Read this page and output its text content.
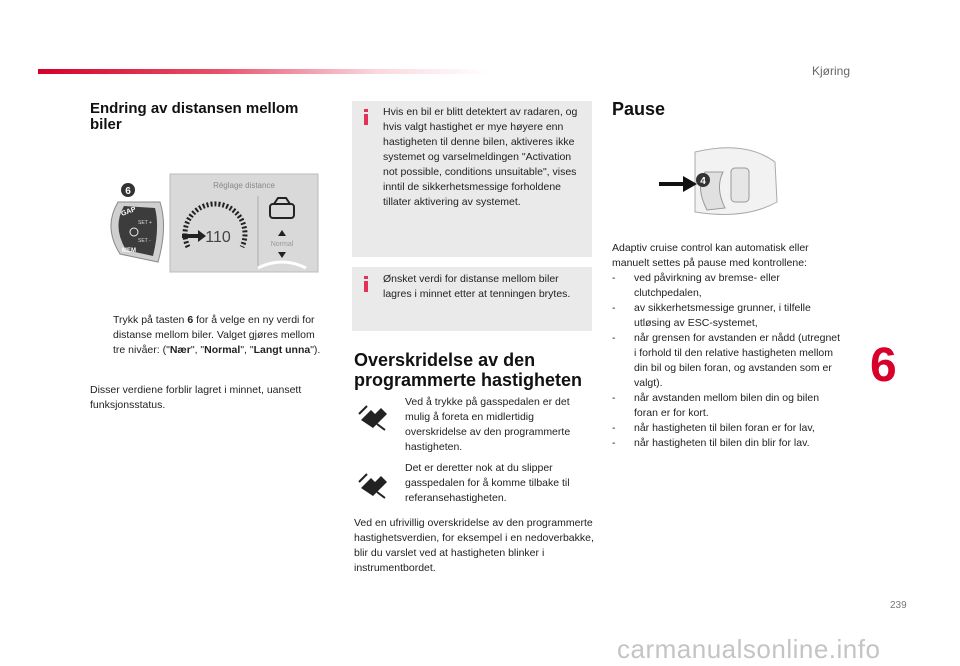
Kjøring
Endring av distansen mellom biler
GAP
SET +
SET -
MEM
6
Réglage distance
110	Normal
Trykk på tasten 6 for å velge en ny verdi for distanse mellom biler. Valget gjøres mellom tre nivåer: ("Nær", "Normal", "Langt unna").
Disser verdiene forblir lagret i minnet, uansett funksjonsstatus.
Hvis en bil er blitt detektert av radaren, og hvis valgt hastighet er mye høyere enn hastigheten til denne bilen, aktiveres ikke systemet og varselmeldingen "Activation not possible, conditions unsuitable", vises inntil de sikkerhetsmessige forholdene tillater aktivering av systemet.
Ønsket verdi for distanse mellom biler lagres i minnet etter at tenningen brytes.
Overskridelse av den programmerte hastigheten
Ved å trykke på gasspedalen er det mulig å foreta en midlertidig overskridelse av den programmerte hastigheten.
Det er deretter nok at du slipper gasspedalen for å komme tilbake til referansehastigheten.
Ved en ufrivillig overskridelse av den programmerte hastighetsverdien, for eksempel i en nedoverbakke, blir du varslet ved at hastigheten blinker i instrumentbordet.
Pause
4
Adaptiv cruise control kan automatisk eller manuelt settes på pause med kontrollene:
- ved påvirkning av bremse- eller clutchpedalen,
- av sikkerhetsmessige grunner, i tilfelle utløsing av ESC-systemet,
- når grensen for avstanden er nådd (utregnet i forhold til den relative hastigheten mellom din bil og bilen foran, og avstanden som er valgt).
- når avstanden mellom bilen din og bilen foran er for kort.
- når hastigheten til bilen foran er for lav,
- når hastigheten til bilen din blir for lav.
6
239
carmanualsonline.info
